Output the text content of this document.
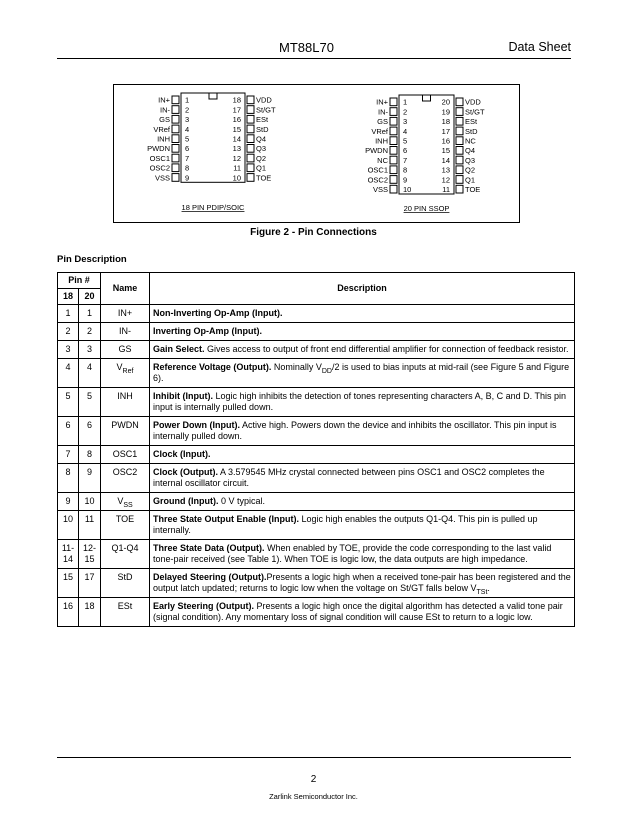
MT88L70	Data Sheet
IN+ 1
IN- 2
GS 3
VRef 4
INH 5
PWDN 6
OSC1 7
OSC2 8
VSS 9
VDD
18
St/GT
17
ESt
16
StD
15
Q4
14
Q3
13
Q2
12
Q1
11
TOE
10
18 PIN PDIP/SOIC
IN+ 1
IN- 2
GS 3
VRef 4
INH 5
PWDN 6
NC 7
OSC1 8
OSC2 9
VSS 10
VDD
20
St/GT
19
ESt
18
StD
17
NC
16
Q4
15
Q3
14
Q2
13
Q1
12
TOE
11
20 PIN SSOP
Figure 2 - Pin Connections
Pin Description
Pin #		Name	Description
18	20		
1	1	IN+	Non-Inverting Op-Amp (Input).
2	2	IN-	Inverting Op-Amp (Input).
3	3	GS	Gain Select. Gives access to output of front end differential amplifier for connection of feedback resistor.
4	4	$V_{Ref}$	Reference Voltage (Output). Nominally $V_{DD}/2$ is used to bias inputs at mid-rail (see Figure 5 and Figure 6).
5	5	INH	Inhibit (Input). Logic high inhibits the detection of tones representing characters A, B, C and D. This pin input is internally pulled down.
6	6	PWDN	Power Down (Input). Active high. Powers down the device and inhibits the oscillator. This pin input is internally pulled down.
7	8	OSC1	Clock (Input).
8	9	OSC2	Clock (Output). A 3.579545 MHz crystal connected between pins OSC1 and OSC2 completes the internal oscillator circuit.
9	10	$V_{SS}$	Ground (Input). 0 V typical.
10	11	TOE	Three State Output Enable (Input). Logic high enables the outputs Q1-Q4. This pin is pulled up internally.
11-14	12-15	Q1-Q4	Three State Data (Output). When enabled by TOE, provide the code corresponding to the last valid tone-pair received (see Table 1). When TOE is logic low, the data outputs are high impedance.
15	17	StD	Delayed Steering (Output).Presents a logic high when a received tone-pair has been registered and the output latch updated; returns to logic low when the voltage on St/GT falls below $V_{TSt}$.
16	18	ESt	Early Steering (Output). Presents a logic high once the digital algorithm has detected a valid tone pair (signal condition). Any momentary loss of signal condition will cause ESt to return to a logic low.
2
Zarlink Semiconductor Inc.
